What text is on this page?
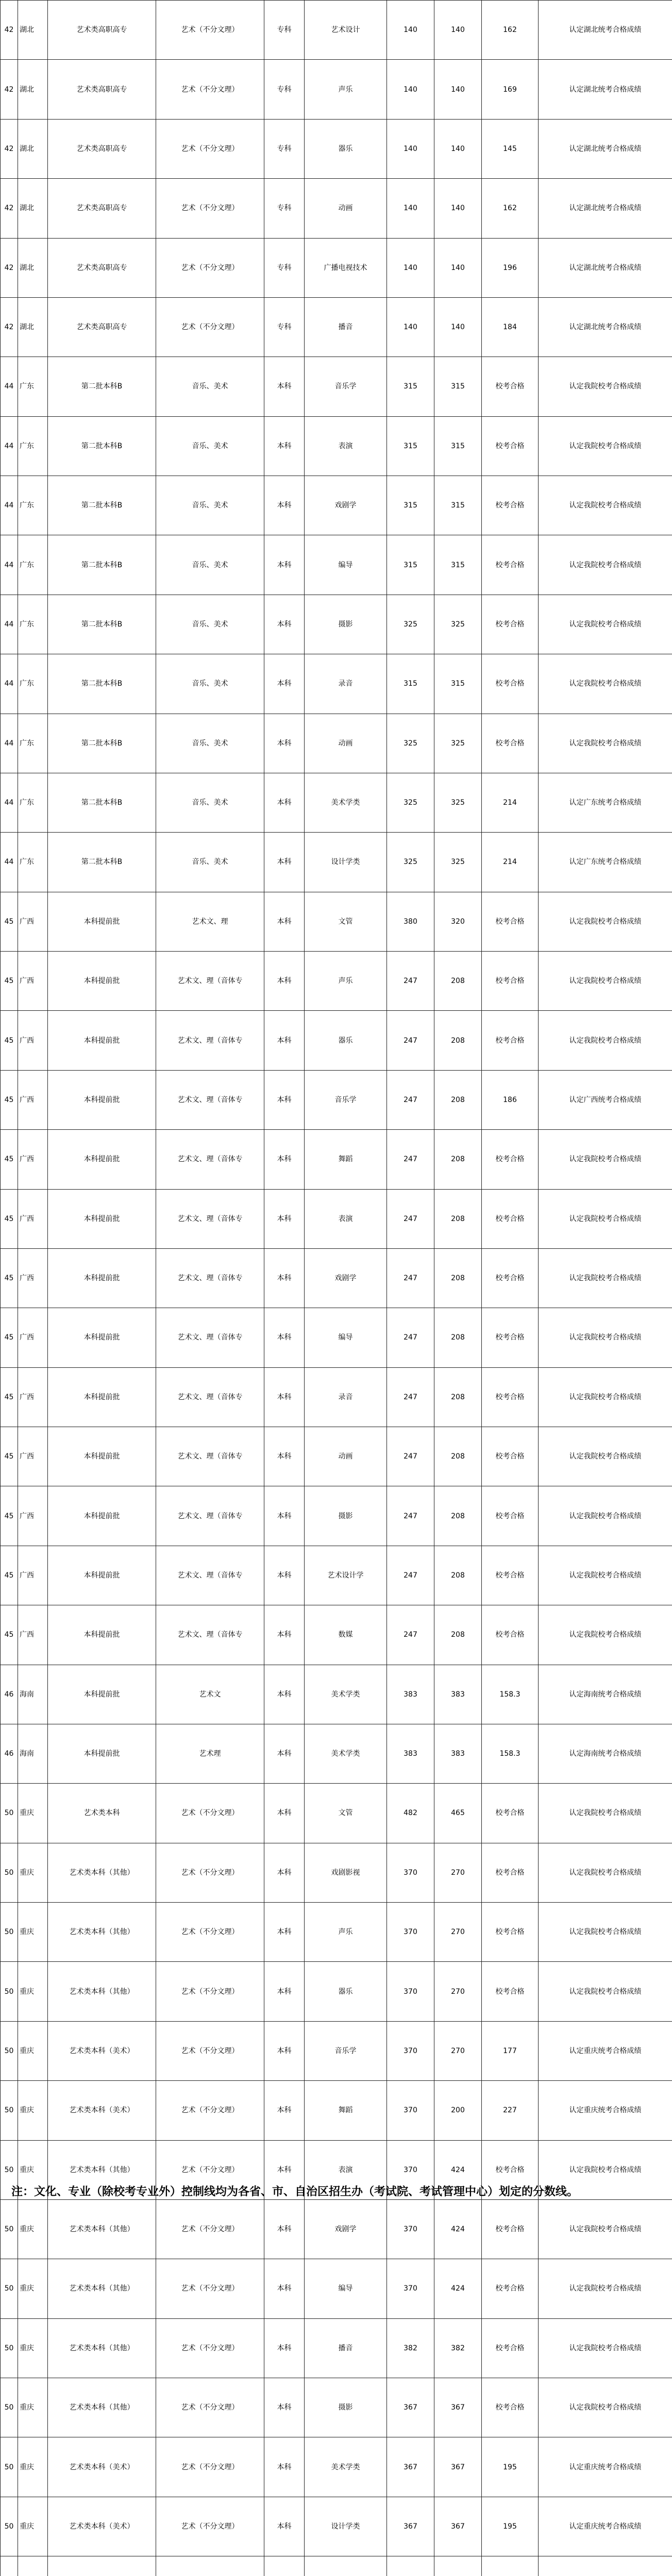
42	湖北	艺术类高职高专	艺术（不分文理）	专科	艺术设计	140	140	162	认定湖北统考合格成绩
42	湖北	艺术类高职高专	艺术（不分文理）	专科	声乐	140	140	169	认定湖北统考合格成绩
42	湖北	艺术类高职高专	艺术（不分文理）	专科	器乐	140	140	145	认定湖北统考合格成绩
42	湖北	艺术类高职高专	艺术（不分文理）	专科	动画	140	140	162	认定湖北统考合格成绩
42	湖北	艺术类高职高专	艺术（不分文理）	专科	广播电视技术	140	140	196	认定湖北统考合格成绩
42	湖北	艺术类高职高专	艺术（不分文理）	专科	播音	140	140	184	认定湖北统考合格成绩
44	广东	第二批本科B	音乐、美术	本科	音乐学	315	315	校考合格	认定我院校考合格成绩
44	广东	第二批本科B	音乐、美术	本科	表演	315	315	校考合格	认定我院校考合格成绩
44	广东	第二批本科B	音乐、美术	本科	戏剧学	315	315	校考合格	认定我院校考合格成绩
44	广东	第二批本科B	音乐、美术	本科	编导	315	315	校考合格	认定我院校考合格成绩
44	广东	第二批本科B	音乐、美术	本科	摄影	325	325	校考合格	认定我院校考合格成绩
44	广东	第二批本科B	音乐、美术	本科	录音	315	315	校考合格	认定我院校考合格成绩
44	广东	第二批本科B	音乐、美术	本科	动画	325	325	校考合格	认定我院校考合格成绩
44	广东	第二批本科B	音乐、美术	本科	美术学类	325	325	214	认定广东统考合格成绩
44	广东	第二批本科B	音乐、美术	本科	设计学类	325	325	214	认定广东统考合格成绩
45	广西	本科提前批	艺术文、理	本科	文管	380	320	校考合格	认定我院校考合格成绩
45	广西	本科提前批	艺术文、理（音体专	本科	声乐	247	208	校考合格	认定我院校考合格成绩
45	广西	本科提前批	艺术文、理（音体专	本科	器乐	247	208	校考合格	认定我院校考合格成绩
45	广西	本科提前批	艺术文、理（音体专	本科	音乐学	247	208	186	认定广西统考合格成绩
45	广西	本科提前批	艺术文、理（音体专	本科	舞蹈	247	208	校考合格	认定我院校考合格成绩
45	广西	本科提前批	艺术文、理（音体专	本科	表演	247	208	校考合格	认定我院校考合格成绩
45	广西	本科提前批	艺术文、理（音体专	本科	戏剧学	247	208	校考合格	认定我院校考合格成绩
45	广西	本科提前批	艺术文、理（音体专	本科	编导	247	208	校考合格	认定我院校考合格成绩
45	广西	本科提前批	艺术文、理（音体专	本科	录音	247	208	校考合格	认定我院校考合格成绩
45	广西	本科提前批	艺术文、理（音体专	本科	动画	247	208	校考合格	认定我院校考合格成绩
45	广西	本科提前批	艺术文、理（音体专	本科	摄影	247	208	校考合格	认定我院校考合格成绩
45	广西	本科提前批	艺术文、理（音体专	本科	艺术设计学	247	208	校考合格	认定我院校考合格成绩
45	广西	本科提前批	艺术文、理（音体专	本科	数媒	247	208	校考合格	认定我院校考合格成绩
46	海南	本科提前批	艺术文	本科	美术学类	383	383	158.3	认定海南统考合格成绩
46	海南	本科提前批	艺术理	本科	美术学类	383	383	158.3	认定海南统考合格成绩
50	重庆	艺术类本科	艺术（不分文理）	本科	文管	482	465	校考合格	认定我院校考合格成绩
50	重庆	艺术类本科（其他）	艺术（不分文理）	本科	戏剧影视	370	270	校考合格	认定我院校考合格成绩
50	重庆	艺术类本科（其他）	艺术（不分文理）	本科	声乐	370	270	校考合格	认定我院校考合格成绩
50	重庆	艺术类本科（其他）	艺术（不分文理）	本科	器乐	370	270	校考合格	认定我院校考合格成绩
50	重庆	艺术类本科（美术）	艺术（不分文理）	本科	音乐学	370	270	177	认定重庆统考合格成绩
50	重庆	艺术类本科（美术）	艺术（不分文理）	本科	舞蹈	370	200	227	认定重庆统考合格成绩
50	重庆	艺术类本科（其他）	艺术（不分文理）	本科	表演	370	424	校考合格	认定我院校考合格成绩
50	重庆	艺术类本科（其他）	艺术（不分文理）	本科	戏剧学	370	424	校考合格	认定我院校考合格成绩
50	重庆	艺术类本科（其他）	艺术（不分文理）	本科	编导	370	424	校考合格	认定我院校考合格成绩
50	重庆	艺术类本科（其他）	艺术（不分文理）	本科	播音	382	382	校考合格	认定我院校考合格成绩
50	重庆	艺术类本科（其他）	艺术（不分文理）	本科	摄影	367	367	校考合格	认定我院校考合格成绩
50	重庆	艺术类本科（美术）	艺术（不分文理）	本科	美术学类	367	367	195	认定重庆统考合格成绩
50	重庆	艺术类本科（美术）	艺术（不分文理）	本科	设计学类	367	367	195	认定重庆统考合格成绩

注：文化、专业（除校考专业外）控制线均为各省、市、自治区招生办（考试院、考试管理中心）划定的分数线。
